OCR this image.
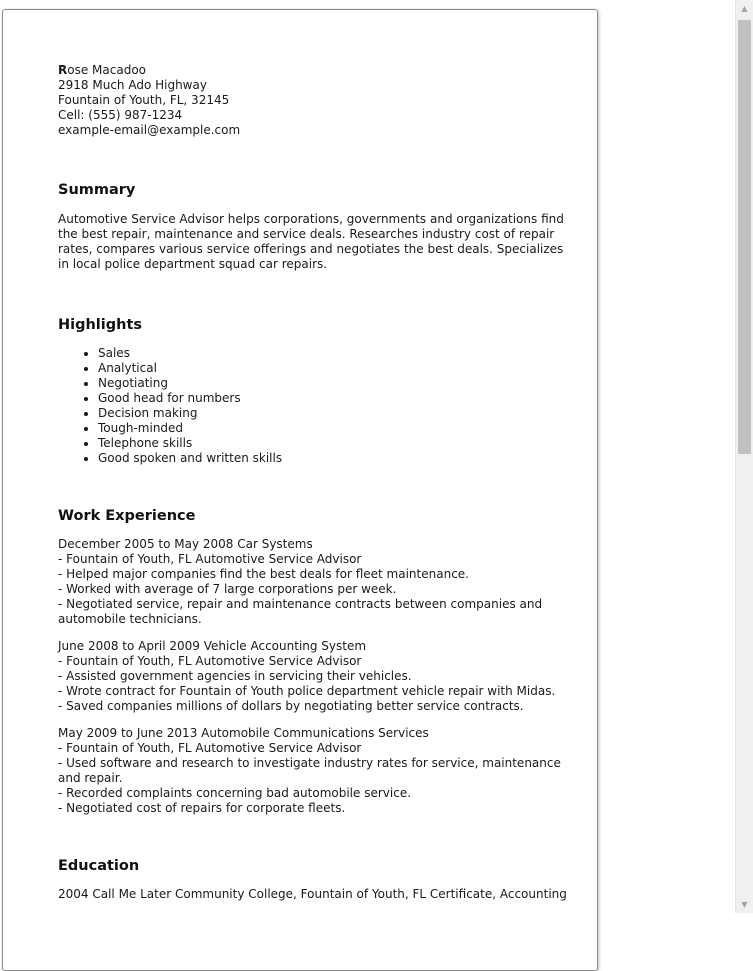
Rose Macadoo
2918 Much Ado Highway
Fountain of Youth, FL, 32145
Cell: (555) 987-1234
example-email@example.com
Summary
Automotive Service Advisor helps corporations, governments and organizations find the best repair, maintenance and service deals. Researches industry cost of repair rates, compares various service offerings and negotiates the best deals. Specializes in local police department squad car repairs.
Highlights
• Sales
• Analytical
• Negotiating
• Good head for numbers
• Decision making
• Tough-minded
• Telephone skills
• Good spoken and written skills
Work Experience
December 2005 to May 2008 Car Systems
- Fountain of Youth, FL Automotive Service Advisor
- Helped major companies find the best deals for fleet maintenance.
- Worked with average of 7 large corporations per week.
- Negotiated service, repair and maintenance contracts between companies and automobile technicians.
June 2008 to April 2009 Vehicle Accounting System
- Fountain of Youth, FL Automotive Service Advisor
- Assisted government agencies in servicing their vehicles.
- Wrote contract for Fountain of Youth police department vehicle repair with Midas.
- Saved companies millions of dollars by negotiating better service contracts.
May 2009 to June 2013 Automobile Communications Services
- Fountain of Youth, FL Automotive Service Advisor
- Used software and research to investigate industry rates for service, maintenance and repair.
- Recorded complaints concerning bad automobile service.
- Negotiated cost of repairs for corporate fleets.
Education
2004 Call Me Later Community College, Fountain of Youth, FL Certificate, Accounting
▲
▼
